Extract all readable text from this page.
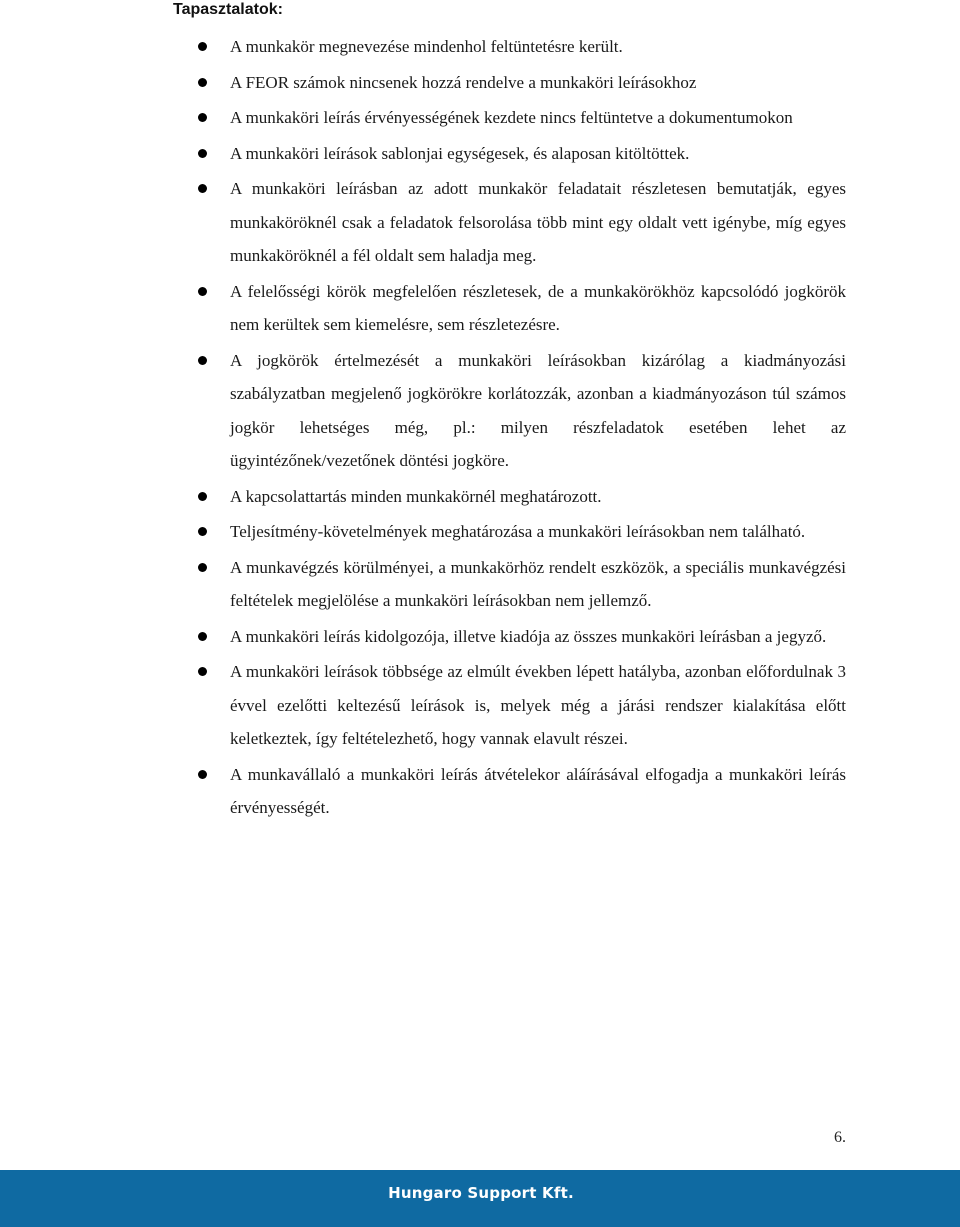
Tapasztalatok:
A munkakör megnevezése mindenhol feltüntetésre került.
A FEOR számok nincsenek hozzá rendelve a munkaköri leírásokhoz
A munkaköri leírás érvényességének kezdete nincs feltüntetve a dokumentumokon
A munkaköri leírások sablonjai egységesek, és alaposan kitöltöttek.
A munkaköri leírásban az adott munkakör feladatait részletesen bemutatják, egyes munkaköröknél csak a feladatok felsorolása több mint egy oldalt vett igénybe, míg egyes munkaköröknél a fél oldalt sem haladja meg.
A felelősségi körök megfelelően részletesek, de a munkakörökhöz kapcsolódó jogkörök nem kerültek sem kiemelésre, sem részletezésre.
A jogkörök értelmezését a munkaköri leírásokban kizárólag a kiadmányozási szabályzatban megjelenő jogkörökre korlátozzák, azonban a kiadmányozáson túl számos jogkör lehetséges még, pl.: milyen részfeladatok esetében lehet az ügyintézőnek/vezetőnek döntési jogköre.
A kapcsolattartás minden munkakörnél meghatározott.
Teljesítmény-követelmények meghatározása a munkaköri leírásokban nem található.
A munkavégzés körülményei, a munkakörhöz rendelt eszközök, a speciális munkavégzési feltételek megjelölése a munkaköri leírásokban nem jellemző.
A munkaköri leírás kidolgozója, illetve kiadója az összes munkaköri leírásban a jegyző.
A munkaköri leírások többsége az elmúlt években lépett hatályba, azonban előfordulnak 3 évvel ezelőtti keltezésű leírások is, melyek még a járási rendszer kialakítása előtt keletkeztek, így feltételezhető, hogy vannak elavult részei.
A munkavállaló a munkaköri leírás átvételekor aláírásával elfogadja a munkaköri leírás érvényességét.
6.
Hungaro Support Kft.
